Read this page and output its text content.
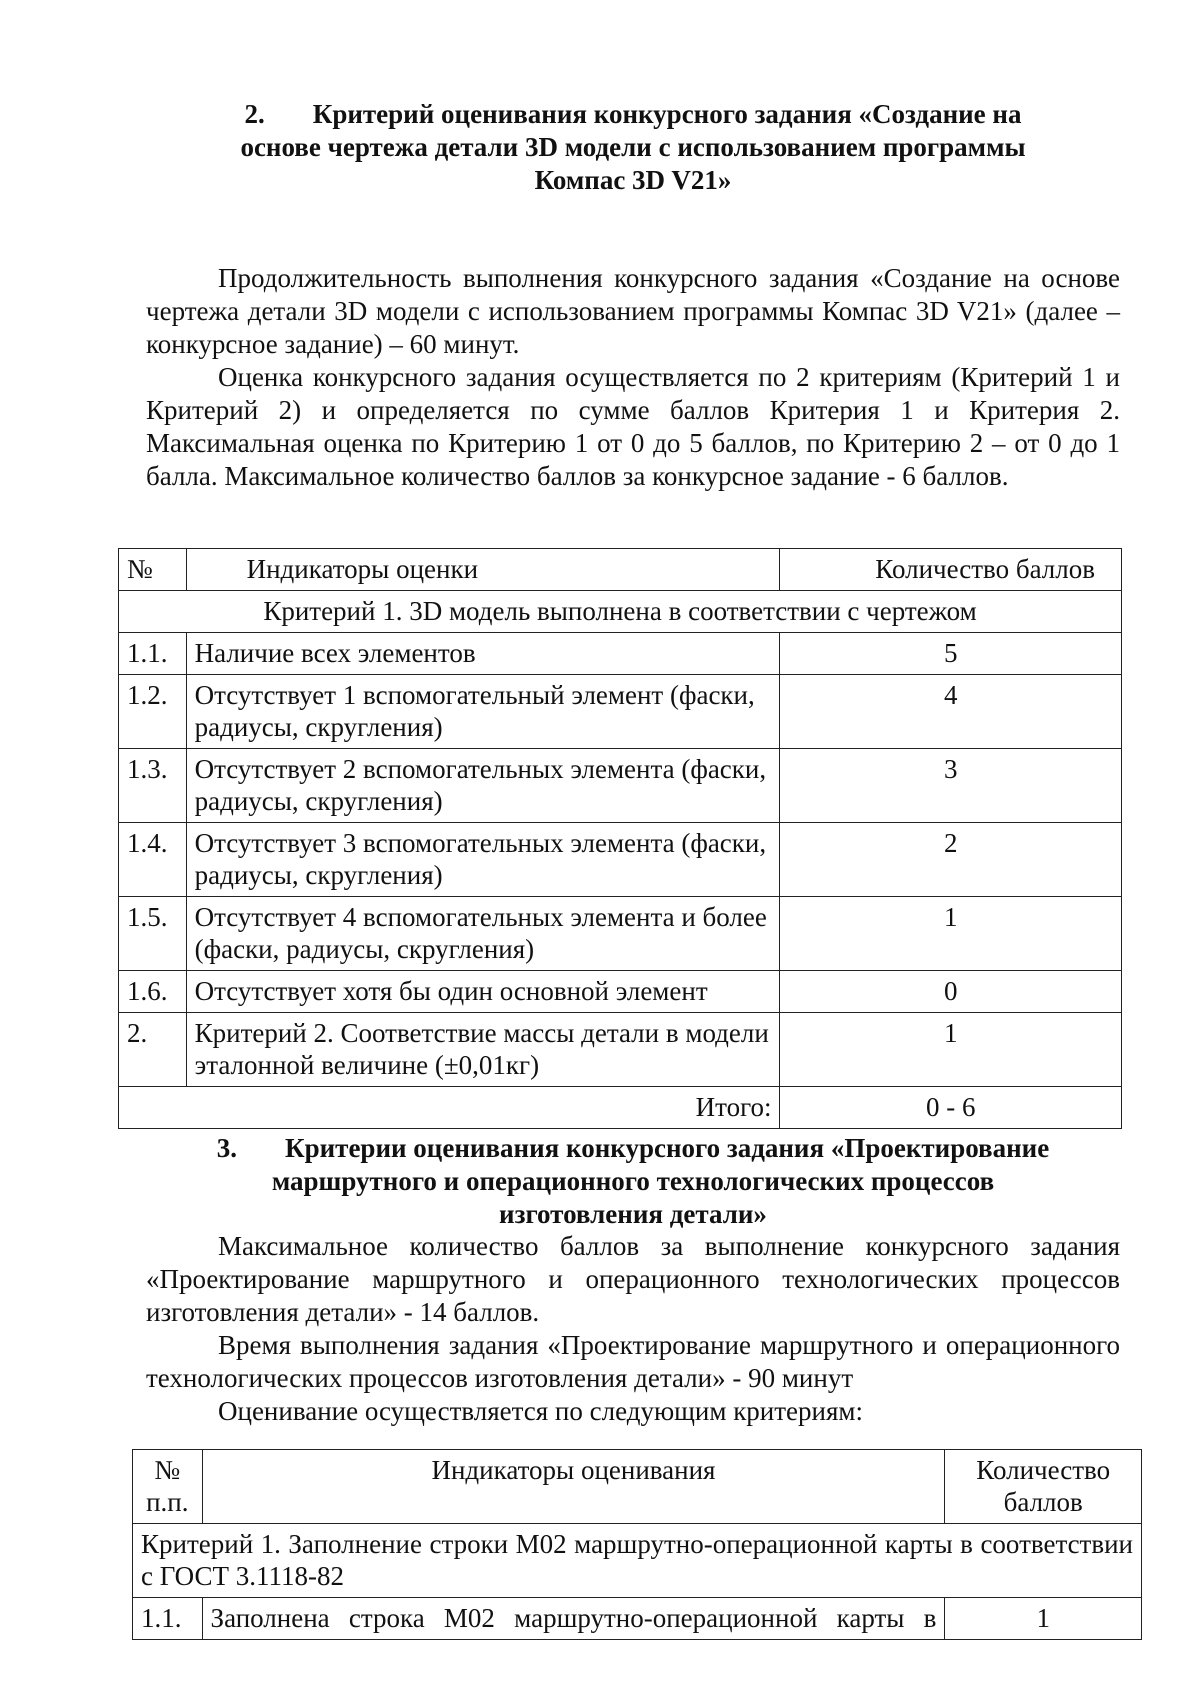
2. Критерий оценивания конкурсного задания «Создание на
основе чертежа детали 3D модели с использованием программы
Компас 3D V21»
Продолжительность выполнения конкурсного задания «Создание на основе чертежа детали 3D модели с использованием программы Компас 3D V21» (далее – конкурсное задание) – 60 минут.
Оценка конкурсного задания осуществляется по 2 критериям (Критерий 1 и Критерий 2) и определяется по сумме баллов Критерия 1 и Критерия 2. Максимальная оценка по Критерию 1 от 0 до 5 баллов, по Критерию 2 – от 0 до 1 балла. Максимальное количество баллов за конкурсное задание - 6 баллов.
№	Индикаторы оценки	Количество баллов
Критерий 1. 3D модель выполнена в соответствии с чертежом		
1.1.	Наличие всех элементов	5
1.2.	Отсутствует 1 вспомогательный элемент (фаски, радиусы, скругления)	4
1.3.	Отсутствует 2 вспомогательных элемента (фаски, радиусы, скругления)	3
1.4.	Отсутствует 3 вспомогательных элемента (фаски, радиусы, скругления)	2
1.5.	Отсутствует 4 вспомогательных элемента и более (фаски, радиусы, скругления)	1
1.6.	Отсутствует хотя бы один основной элемент	0
2.	Критерий 2. Соответствие массы детали в модели эталонной величине (±0,01кг)	1
Итого:		0 - 6
3. Критерии оценивания конкурсного задания «Проектирование
маршрутного и операционного технологических процессов
изготовления детали»
Максимальное количество баллов за выполнение конкурсного задания «Проектирование маршрутного и операционного технологических процессов изготовления детали» - 14 баллов.
Время выполнения задания «Проектирование маршрутного и операционного технологических процессов изготовления детали» - 90 минут
Оценивание осуществляется по следующим критериям:
№ п.п.	Индикаторы оценивания	Количество баллов
Критерий 1. Заполнение строки М02 маршрутно-операционной карты в соответствии с ГОСТ 3.1118-82		
1.1.	Заполнена строка М02 маршрутно-операционной карты в	1
